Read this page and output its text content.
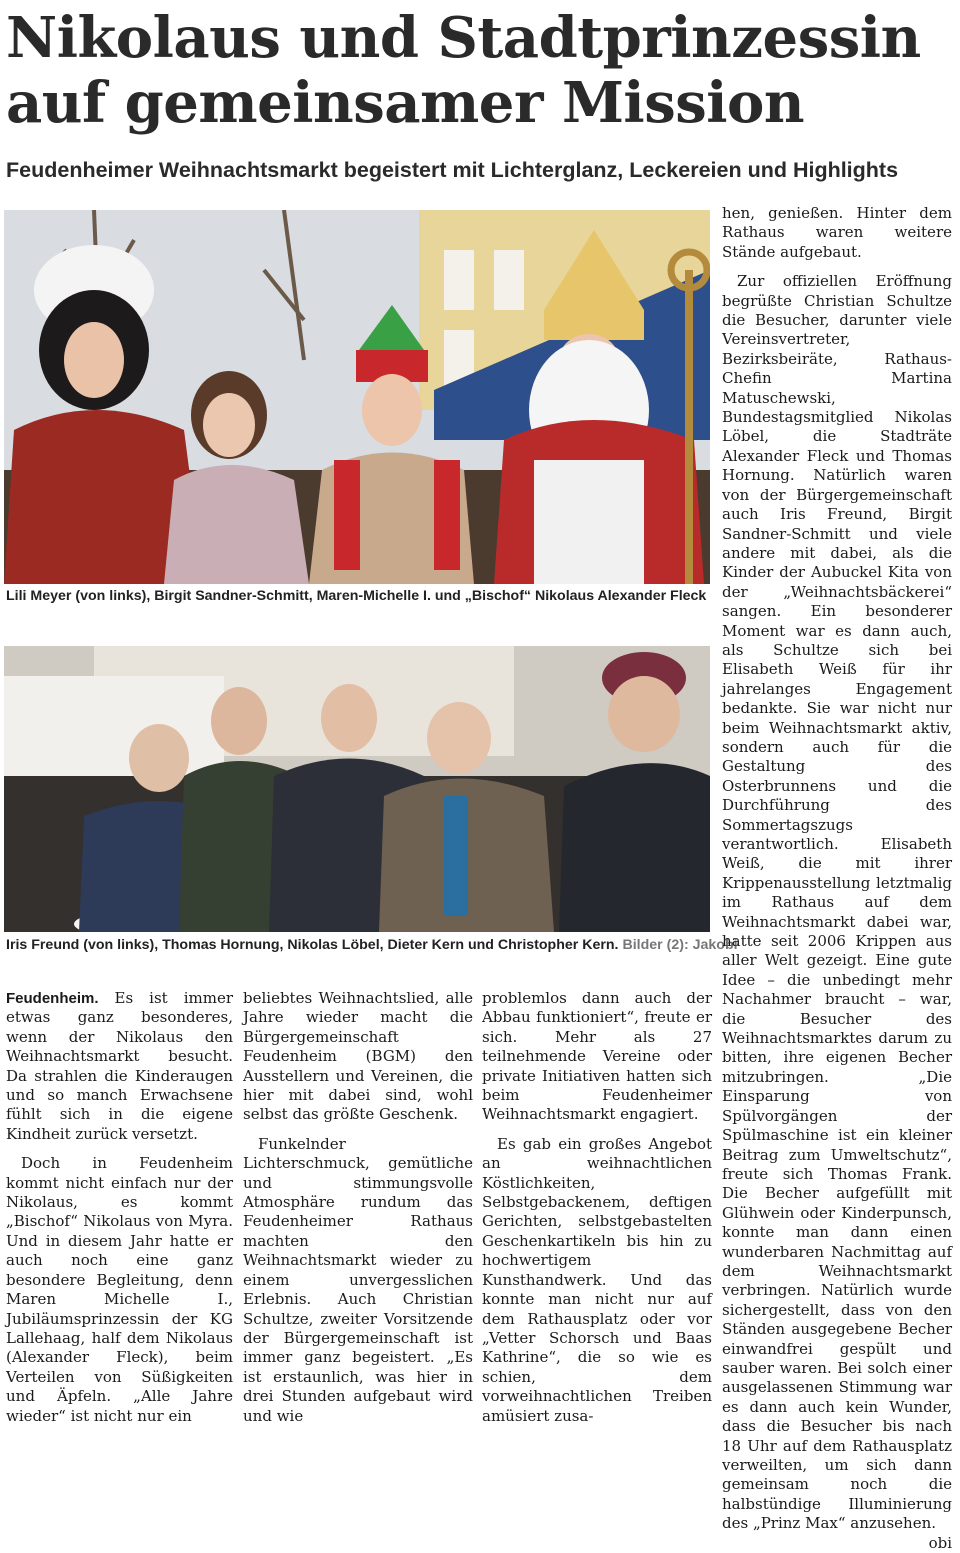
Nikolaus und Stadtprinzessin auf gemeinsamer Mission
Feudenheimer Weihnachtsmarkt begeistert mit Lichterglanz, Leckereien und Highlights

Lili Meyer (von links), Birgit Sandner-Schmitt, Maren-Michelle I. und „Bischof“ Nikolaus Alexander Fleck

Iris Freund (von links), Thomas Hornung, Nikolas Löbel, Dieter Kern und Christopher Kern. Bilder (2): Jakobi

Feudenheim. Es ist immer etwas ganz besonderes, wenn der Nikolaus den Weihnachtsmarkt besucht. Da strahlen die Kinderaugen und so manch Erwachsene fühlt sich in die eigene Kindheit zurück versetzt.

Doch in Feudenheim kommt nicht einfach nur der Nikolaus, es kommt „Bischof“ Nikolaus von Myra. Und in diesem Jahr hatte er auch noch eine ganz besondere Begleitung, denn Maren Michelle I., Jubiläumsprinzessin der KG Lallehaag, half dem Nikolaus (Alexander Fleck), beim Verteilen von Süßigkeiten und Äpfeln. „Alle Jahre wieder“ ist nicht nur ein

beliebtes Weihnachtslied, alle Jahre wieder macht die Bürgergemeinschaft Feudenheim (BGM) den Ausstellern und Vereinen, die hier mit dabei sind, wohl selbst das größte Geschenk.

Funkelnder Lichterschmuck, gemütliche und stimmungsvolle Atmosphäre rundum das Feudenheimer Rathaus machten den Weihnachtsmarkt wieder zu einem unvergesslichen Erlebnis. Auch Christian Schultze, zweiter Vorsitzende der Bürgergemeinschaft ist immer ganz begeistert. „Es ist erstaunlich, was hier in drei Stunden aufgebaut wird und wie

problemlos dann auch der Abbau funktioniert“, freute er sich. Mehr als 27 teilnehmende Vereine oder private Initiativen hatten sich beim Feudenheimer Weihnachtsmarkt engagiert.

Es gab ein großes Angebot an weihnachtlichen Köstlichkeiten, Selbstgebackenem, deftigen Gerichten, selbstgebastelten Geschenkartikeln bis hin zu hochwertigem Kunsthandwerk. Und das konnte man nicht nur auf dem Rathausplatz oder vor „Vetter Schorsch und Baas Kathrine“, die so wie es schien, dem vorweihnachtlichen Treiben amüsiert zusa-

hen, genießen. Hinter dem Rathaus waren weitere Stände aufgebaut.

Zur offiziellen Eröffnung begrüßte Christian Schultze die Besucher, darunter viele Vereinsvertreter, Bezirksbeiräte, Rathaus-Chefin Martina Matuschewski, Bundestagsmitglied Nikolas Löbel, die Stadträte Alexander Fleck und Thomas Hornung. Natürlich waren von der Bürgergemeinschaft auch Iris Freund, Birgit Sandner-Schmitt und viele andere mit dabei, als die Kinder der Aubuckel Kita von der „Weihnachtsbäckerei“ sangen. Ein besonderer Moment war es dann auch, als Schultze sich bei Elisabeth Weiß für ihr jahrelanges Engagement bedankte. Sie war nicht nur beim Weihnachtsmarkt aktiv, sondern auch für die Gestaltung des Osterbrunnens und die Durchführung des Sommertagszugs verantwortlich. Elisabeth Weiß, die mit ihrer Krippenausstellung letztmalig im Rathaus auf dem Weihnachtsmarkt dabei war, hatte seit 2006 Krippen aus aller Welt gezeigt. Eine gute Idee – die unbedingt mehr Nachahmer braucht – war, die Besucher des Weihnachtsmarktes darum zu bitten, ihre eigenen Becher mitzubringen. „Die Einsparung von Spülvorgängen der Spülmaschine ist ein kleiner Beitrag zum Umweltschutz“, freute sich Thomas Frank. Die Becher aufgefüllt mit Glühwein oder Kinderpunsch, konnte man dann einen wunderbaren Nachmittag auf dem Weihnachtsmarkt verbringen. Natürlich wurde sichergestellt, dass von den Ständen ausgegebene Becher einwandfrei gespült und sauber waren. Bei solch einer ausgelassenen Stimmung war es dann auch kein Wunder, dass die Besucher bis nach 18 Uhr auf dem Rathausplatz verweilten, um sich dann gemeinsam noch die halbstündige Illuminierung des „Prinz Max“ anzusehen.

obi
